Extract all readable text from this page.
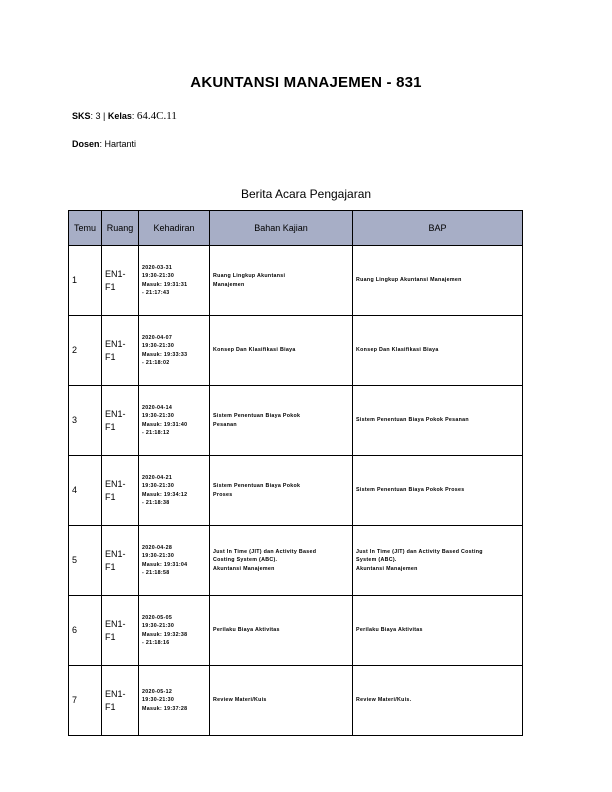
AKUNTANSI MANAJEMEN - 831
SKS: 3 | Kelas: 64.4C.11
Dosen: Hartanti
Berita Acara Pengajaran
Temu	Ruang	Kehadiran	Bahan Kajian	BAP
1	EN1-
F1	2020-03-31
19:30-21:30
Masuk: 19:31:31
- 21:17:43	Ruang Lingkup Akuntansi
Manajemen	Ruang Lingkup Akuntansi Manajemen

2	EN1-
F1	2020-04-07
19:30-21:30
Masuk: 19:33:33
- 21:18:02	Konsep Dan Klasifikasi Biaya	Konsep Dan Klasifikasi Biaya

3	EN1-
F1	2020-04-14
19:30-21:30
Masuk: 19:31:40
- 21:18:12	Sistem Penentuan Biaya Pokok
Pesanan	Sistem Penentuan Biaya Pokok Pesanan

4	EN1-
F1	2020-04-21
19:30-21:30
Masuk: 19:34:12
- 21:18:38	Sistem Penentuan Biaya Pokok
Proses	Sistem Penentuan Biaya Pokok Proses

5	EN1-
F1	2020-04-28
19:30-21:30
Masuk: 19:31:04
- 21:18:58	Just In Time (JIT) dan Activity Based
Costing System (ABC).
Akuntansi Manajemen	Just In Time (JIT) dan Activity Based Costing
System (ABC).
Akuntansi Manajemen

6	EN1-
F1	2020-05-05
19:30-21:30
Masuk: 19:32:38
- 21:18:16	Perilaku Biaya Aktivitas	Perilaku Biaya Aktivitas

7	EN1-
F1	2020-05-12
19:30-21:30
Masuk: 19:37:28	Review Materi/Kuis	Review Materi/Kuis.
